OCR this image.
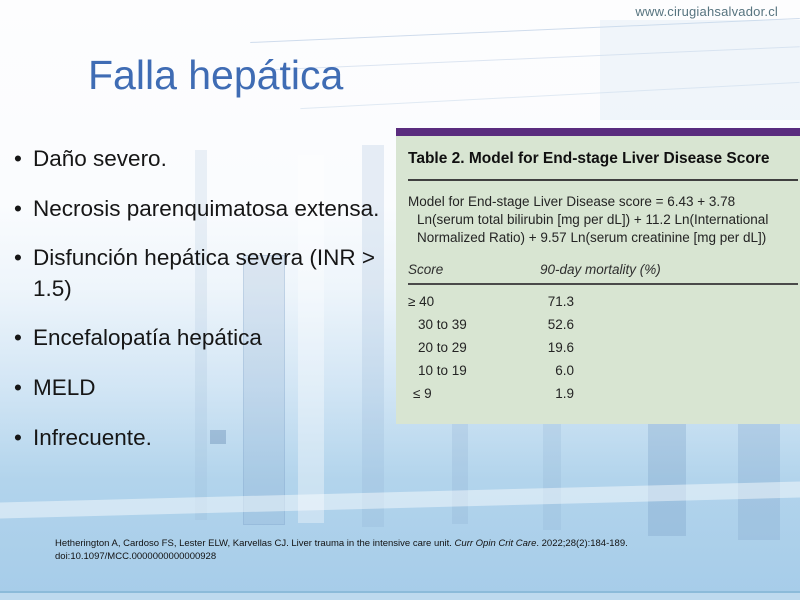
www.cirugiahsalvador.cl
Falla hepática
• Daño severo.
• Necrosis parenquimatosa extensa.
• Disfunción hepática severa (INR > 1.5)
• Encefalopatía hepática
• MELD
• Infrecuente.
Table 2. Model for End-stage Liver Disease Score
Model for End-stage Liver Disease score = 6.43 + 3.78
Ln(serum total bilirubin [mg per dL]) + 11.2 Ln(International
Normalized Ratio) + 9.57 Ln(serum creatinine [mg per dL])
Score	90-day mortality (%)
≥ 40	71.3
30 to 39	52.6
20 to 29	19.6
10 to 19	6.0
≤ 9	1.9
Hetherington A, Cardoso FS, Lester ELW, Karvellas CJ. Liver trauma in the intensive care unit. Curr Opin Crit Care. 2022;28(2):184-189.
doi:10.1097/MCC.0000000000000928
